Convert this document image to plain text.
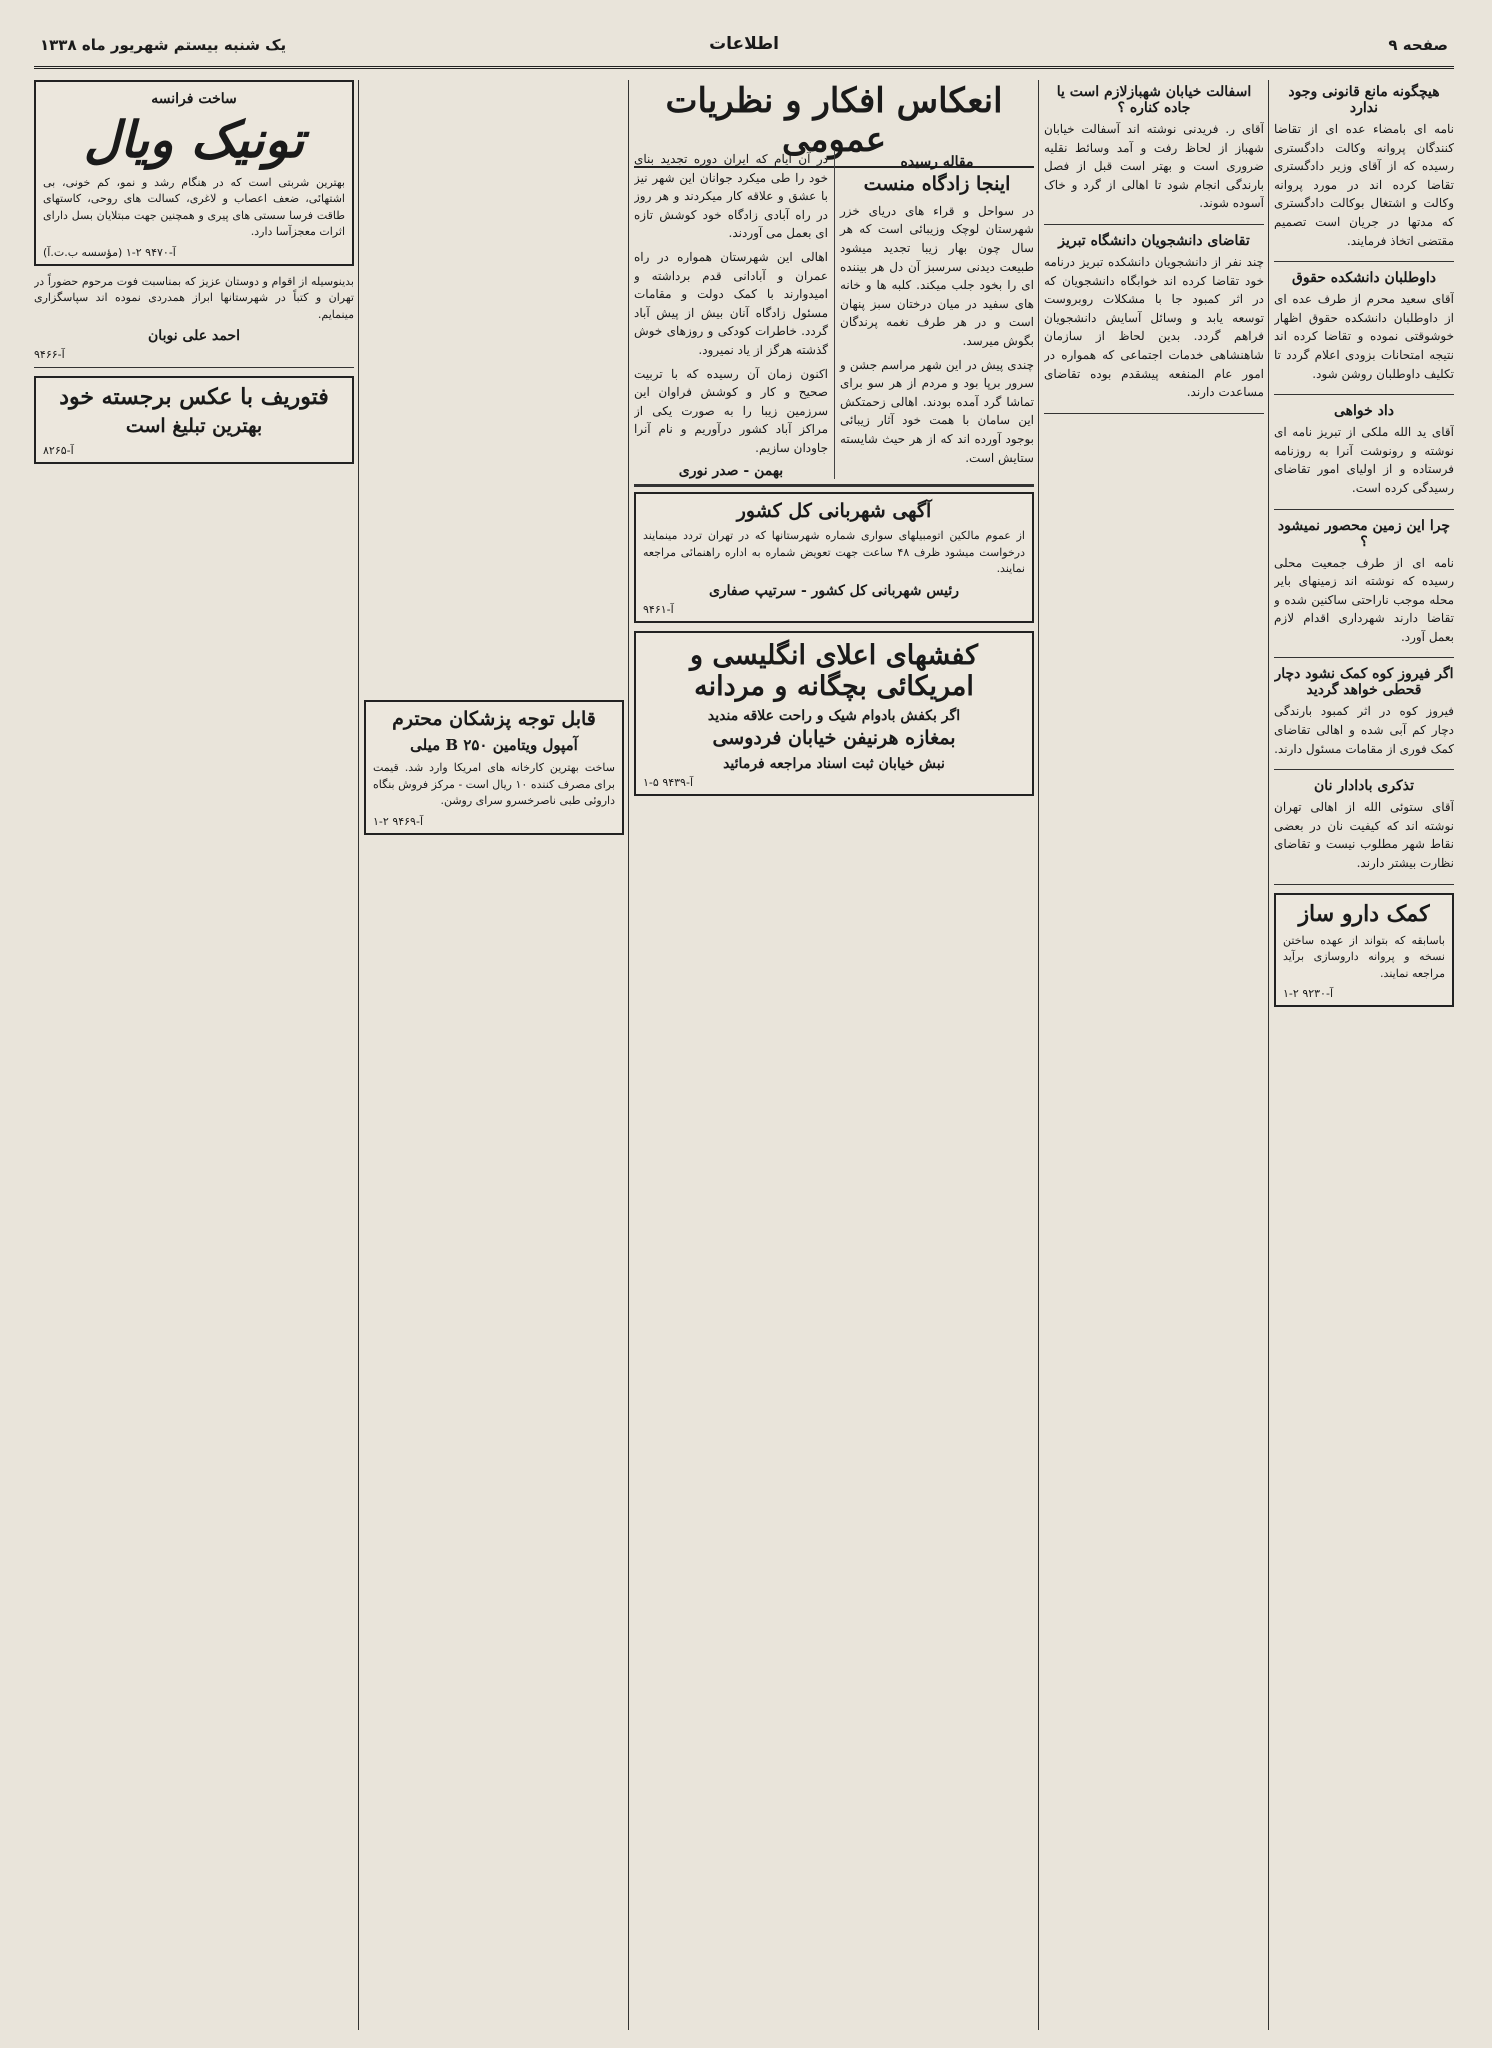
صفحه ۹
اطلاعات
یک شنبه بیستم شهریور ماه ۱۳۳۸
هیچگونه مانع قانونی وجود ندارد

نامه ای بامضاء عده ای از تقاضا کنندگان پروانه وکالت دادگستری رسیده که از آقای وزیر دادگستری تقاضا کرده اند در مورد پروانه وکالت و اشتغال بوکالت دادگستری که مدتها در جریان است تصمیم مقتضی اتخاذ فرمایند.

داوطلبان دانشکده حقوق

آقای سعید محرم از طرف عده ای از داوطلبان دانشکده حقوق اظهار خوشوقتی نموده و تقاضا کرده اند نتیجه امتحانات بزودی اعلام گردد تا تکلیف داوطلبان روشن شود.

داد خواهی

آقای ید الله ملکی از تبریز نامه ای نوشته و رونوشت آنرا به روزنامه فرستاده و از اولیای امور تقاضای رسیدگی کرده است.

چرا این زمین محصور نمیشود ؟

نامه ای از طرف جمعیت محلی رسیده که نوشته اند زمینهای بایر محله موجب ناراحتی ساکنین شده و تقاضا دارند شهرداری اقدام لازم بعمل آورد.

اگر فیروز کوه کمک نشود دچار قحطی خواهد گردید

فیروز کوه در اثر کمبود بارندگی دچار کم آبی شده و اهالی تقاضای کمک فوری از مقامات مسئول دارند.

تذکری بادادار نان

آقای ستوئی الله از اهالی تهران نوشته اند که کیفیت نان در بعضی نقاط شهر مطلوب نیست و تقاضای نظارت بیشتر دارند.

کمک دارو ساز

باسابقه که بتواند از عهده ساختن نسخه و پروانه داروسازی برآید مراجعه نمایند.

آ-۹۲۳۰ ۲-۱
اسفالت خیابان شهبازلازم است یا جاده کناره ؟

آقای ر. فریدنی نوشته اند آسفالت خیابان شهباز از لحاظ رفت و آمد وسائط نقلیه ضروری است و بهتر است قبل از فصل بارندگی انجام شود تا اهالی از گرد و خاک آسوده شوند.

تقاضای دانشجویان دانشگاه تبریز

چند نفر از دانشجویان دانشکده تبریز درنامه خود تقاضا کرده اند خوابگاه دانشجویان که در اثر کمبود جا با مشکلات روبروست توسعه یابد و وسائل آسایش دانشجویان فراهم گردد. بدین لحاظ از سازمان شاهنشاهی خدمات اجتماعی که همواره در امور عام المنفعه پیشقدم بوده تقاضای مساعدت دارند.

انعکاس افکار و نظریات عمومی
مقاله رسیده
اینجا زادگاه منست

در سواحل و قراء های دریای خزر شهرستان لوچک وزیبائی است که هر سال چون بهار زیبا تجدید میشود طبیعت دیدنی سرسبز آن دل هر بیننده ای را بخود جلب میکند. کلبه ها و خانه های سفید در میان درختان سبز پنهان است و در هر طرف نغمه پرندگان بگوش میرسد.

چندی پیش در این شهر مراسم جشن و سرور برپا بود و مردم از هر سو برای تماشا گرد آمده بودند. اهالی زحمتکش این سامان با همت خود آثار زیبائی بوجود آورده اند که از هر حیث شایسته ستایش است.

در آن ایام که ایران دوره تجدید بنای خود را طی میکرد جوانان این شهر نیز با عشق و علاقه کار میکردند و هر روز در راه آبادی زادگاه خود کوشش تازه ای بعمل می آوردند.

اهالی این شهرستان همواره در راه عمران و آبادانی قدم برداشته و امیدوارند با کمک دولت و مقامات مسئول زادگاه آنان بیش از پیش آباد گردد. خاطرات کودکی و روزهای خوش گذشته هرگز از یاد نمیرود.

اکنون زمان آن رسیده که با تربیت صحیح و کار و کوشش فراوان این سرزمین زیبا را به صورت یکی از مراکز آباد کشور درآوریم و نام آنرا جاودان سازیم.

بهمن - صدر نوری
آگهی شهربانی کل کشور

از عموم مالکین اتومبیلهای سواری شماره شهرستانها که در تهران تردد مینمایند درخواست میشود ظرف ۴۸ ساعت جهت تعویض شماره به اداره راهنمائی مراجعه نمایند.

رئیس شهربانی کل کشور - سرتیپ صفاری
آ-۹۴۶۱
کفشهای اعلای انگلیسی و امریکائی بچگانه و مردانه
اگر بکفش بادوام شیک و راحت علاقه مندید
بمغازه هرنیفن خیابان فردوسی
نبش خیابان ثبت اسناد مراجعه فرمائید
آ-۹۴۳۹ ۵-۱
قابل توجه پزشکان محترم
آمپول ویتامین B ۲۵۰ میلی

ساخت بهترین کارخانه های امریکا وارد شد. قیمت برای مصرف کننده ۱۰ ریال است - مرکز فروش بنگاه داروئی طبی ناصرخسرو سرای روشن.

آ-۹۴۶۹ ۲-۱
ساخت فرانسه
تونیک ویال

بهترین شربتی است که در هنگام رشد و نمو، کم خونی، بی اشتهائی، ضعف اعصاب و لاغری، کسالت های روحی، کاستهای طاقت فرسا سستی های پیری و همچنین جهت مبتلایان بسل داراى اثرات معجزآسا دارد.

آ-۹۴۷۰ ۲-۱ (مؤسسه ب.ت.آ)

بدینوسیله از اقوام و دوستان عزیز که بمناسبت فوت مرحوم حضوراً در تهران و کتباً در شهرستانها ابراز همدردی نموده اند سپاسگزاری مینمایم.

احمد علی نوبان
آ-۹۴۶۶
فتوریف با عکس برجسته خود
بهترین تبلیغ است
آ-۸۲۶۵
